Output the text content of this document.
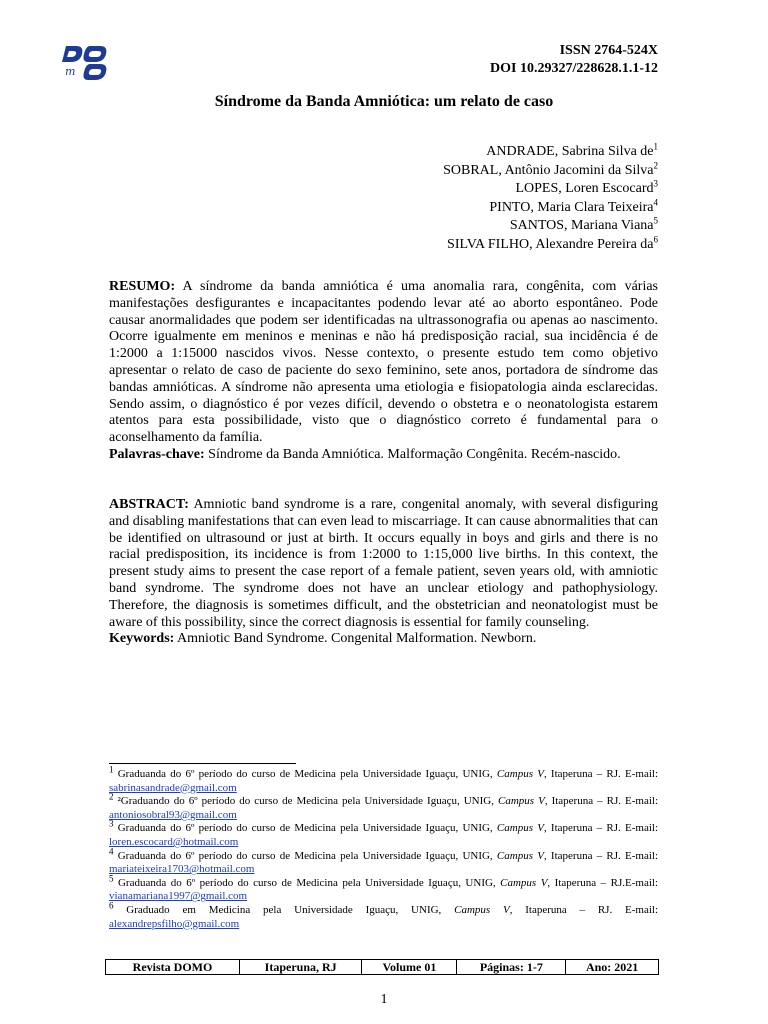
m
ISSN 2764-524X
DOI 10.29327/228628.1.1-12
Síndrome da Banda Amniótica: um relato de caso
ANDRADE, Sabrina Silva $de^1$
SOBRAL, Antônio Jacomini da Silva$^2$
LOPES, Loren Escocard$^3$
PINTO, Maria Clara Teixeira$^4$
SANTOS, Mariana Viana$^5$
SILVA FILHO, Alexandre Pereira $da^6$

RESUMO: A síndrome da banda amniótica é uma anomalia rara, congênita, com várias manifestações desfigurantes e incapacitantes podendo levar até ao aborto espontâneo. Pode causar anormalidades que podem ser identificadas na ultrassonografia ou apenas ao nascimento. Ocorre igualmente em meninos e meninas e não há predisposição racial, sua incidência é de 1:2000 a 1:15000 nascidos vivos. Nesse contexto, o presente estudo tem como objetivo apresentar o relato de caso de paciente do sexo feminino, sete anos, portadora de síndrome das bandas amnióticas. A síndrome não apresenta uma etiologia e fisiopatologia ainda esclarecidas. Sendo assim, o diagnóstico é por vezes difícil, devendo o obstetra e o neonatologista estarem atentos para esta possibilidade, visto que o diagnóstico correto é fundamental para o aconselhamento da família.

Palavras-chave: Síndrome da Banda Amniótica. Malformação Congênita. Recém-nascido.

ABSTRACT: Amniotic band syndrome is a rare, congenital anomaly, with several disfiguring and disabling manifestations that can even lead to miscarriage. It can cause abnormalities that can be identified on ultrasound or just at birth. It occurs equally in boys and girls and there is no racial predisposition, its incidence is from 1:2000 to 1:15,000 live births. In this context, the present study aims to present the case report of a female patient, seven years old, with amniotic band syndrome. The syndrome does not have an unclear etiology and pathophysiology. Therefore, the diagnosis is sometimes difficult, and the obstetrician and neonatologist must be aware of this possibility, since the correct diagnosis is essential for family counseling.

Keywords: Amniotic Band Syndrome. Congenital Malformation. Newborn.

$^1$ Graduanda do 6º período do curso de Medicina pela Universidade Iguaçu, UNIG, Campus V, Itaperuna – RJ. E-mail: sabrinasandrade@gmail.com

$^2$ ²Graduando do 6º período do curso de Medicina pela Universidade Iguaçu, UNIG, Campus V, Itaperuna – RJ. E-mail: antoniosobral93@gmail.com

$^3$ Graduanda do 6º período do curso de Medicina pela Universidade Iguaçu, UNIG, Campus V, Itaperuna – RJ. E-mail: loren.escocard@hotmail.com

$^4$ Graduanda do 6º período do curso de Medicina pela Universidade Iguaçu, UNIG, Campus V, Itaperuna – RJ. E-mail: mariateixeira1703@hotmail.com

$^5$ Graduanda do 6º período do curso de Medicina pela Universidade Iguaçu, UNIG, Campus V, Itaperuna – RJ.E-mail: vianamariana1997@gmail.com

$^6$ Graduado em Medicina pela Universidade Iguaçu, UNIG, Campus V, Itaperuna – RJ. E-mail: alexandrepsfilho@gmail.com

Revista DOMO	Itaperuna, RJ	Volume 01	Páginas: 1-7	Ano: 2021
1
